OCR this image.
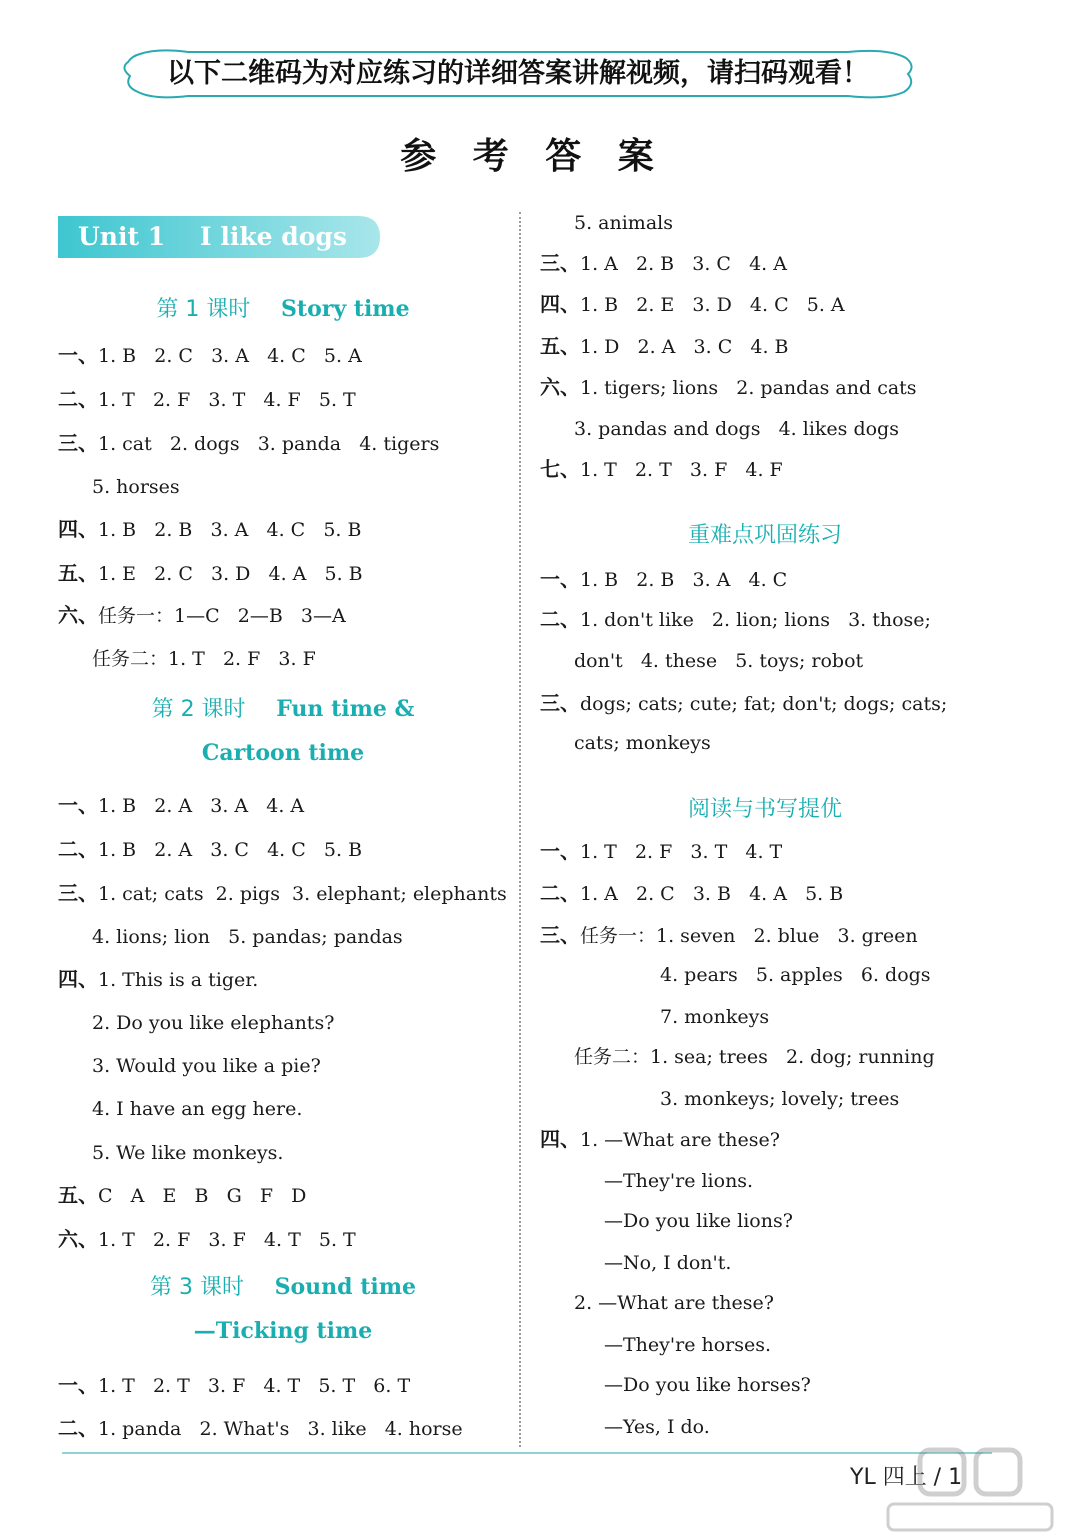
以下二维码为对应练习的详细答案讲解视频，请扫码观看！
参 考 答 案
Unit 1    I like dogs
第 1 课时    Story time
一、1. B   2. C   3. A   4. C   5. A
二、1. T   2. F   3. T   4. F   5. T
三、1. cat   2. dogs   3. panda   4. tigers
5. horses
四、1. B   2. B   3. A   4. C   5. B
五、1. E   2. C   3. D   4. A   5. B
六、任务一：1—C   2—B   3—A
任务二：1. T   2. F   3. F
第 2 课时    Fun time &
Cartoon time
一、1. B   2. A   3. A   4. A
二、1. B   2. A   3. C   4. C   5. B
三、1. cat; cats  2. pigs  3. elephant; elephants
4. lions; lion   5. pandas; pandas
四、1. This is a tiger.
2. Do you like elephants?
3. Would you like a pie?
4. I have an egg here.
5. We like monkeys.
五、C   A   E   B   G   F   D
六、1. T   2. F   3. F   4. T   5. T
第 3 课时    Sound time
—Ticking time
一、1. T   2. T   3. F   4. T   5. T   6. T
二、1. panda   2. What's   3. like   4. horse
5. animals
三、1. A   2. B   3. C   4. A
四、1. B   2. E   3. D   4. C   5. A
五、1. D   2. A   3. C   4. B
六、1. tigers; lions   2. pandas and cats
3. pandas and dogs   4. likes dogs
七、1. T   2. T   3. F   4. F
重难点巩固练习
一、1. B   2. B   3. A   4. C
二、1. don't like   2. lion; lions   3. those;
don't   4. these   5. toys; robot
三、dogs; cats; cute; fat; don't; dogs; cats;
cats; monkeys
阅读与书写提优
一、1. T   2. F   3. T   4. T
二、1. A   2. C   3. B   4. A   5. B
三、任务一：1. seven   2. blue   3. green
4. pears   5. apples   6. dogs
7. monkeys
任务二：1. sea; trees   2. dog; running
3. monkeys; lovely; trees
四、1. —What are these?
—They're lions.
—Do you like lions?
—No, I don't.
2. —What are these?
—They're horses.
—Do you like horses?
—Yes, I do.
YL 四上 / 1
